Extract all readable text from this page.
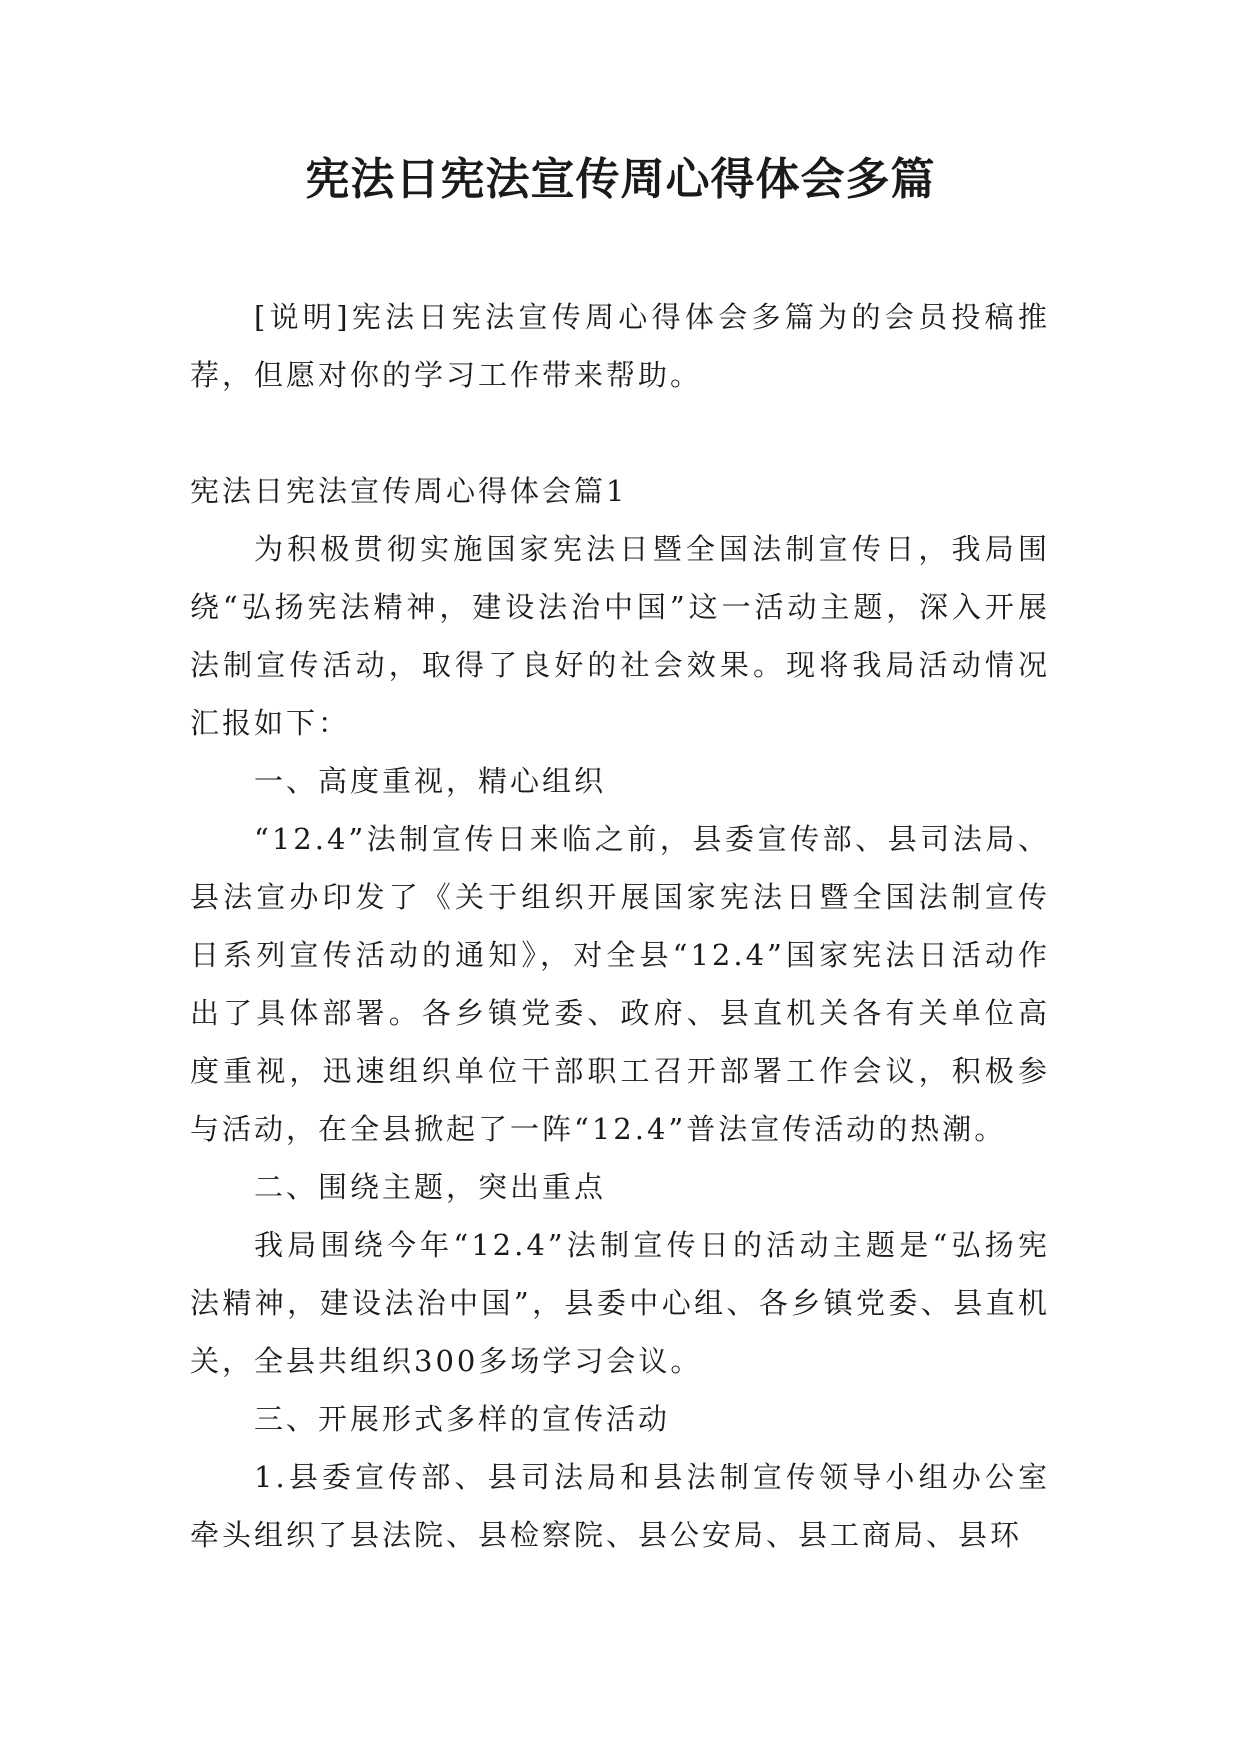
宪法日宪法宣传周心得体会多篇

[说明]宪法日宪法宣传周心得体会多篇为的会员投稿推荐，但愿对你的学习工作带来帮助。

宪法日宪法宣传周心得体会篇1

为积极贯彻实施国家宪法日暨全国法制宣传日，我局围绕“弘扬宪法精神，建设法治中国”这一活动主题，深入开展法制宣传活动，取得了良好的社会效果。现将我局活动情况汇报如下：

一、高度重视，精心组织

“12.4”法制宣传日来临之前，县委宣传部、县司法局、县法宣办印发了《关于组织开展国家宪法日暨全国法制宣传日系列宣传活动的通知》，对全县“12.4”国家宪法日活动作出了具体部署。各乡镇党委、政府、县直机关各有关单位高度重视，迅速组织单位干部职工召开部署工作会议，积极参与活动，在全县掀起了一阵“12.4”普法宣传活动的热潮。

二、围绕主题，突出重点

我局围绕今年“12.4”法制宣传日的活动主题是“弘扬宪法精神，建设法治中国”，县委中心组、各乡镇党委、县直机关，全县共组织300多场学习会议。

三、开展形式多样的宣传活动

1.县委宣传部、县司法局和县法制宣传领导小组办公室牵头组织了县法院、县检察院、县公安局、县工商局、县环
